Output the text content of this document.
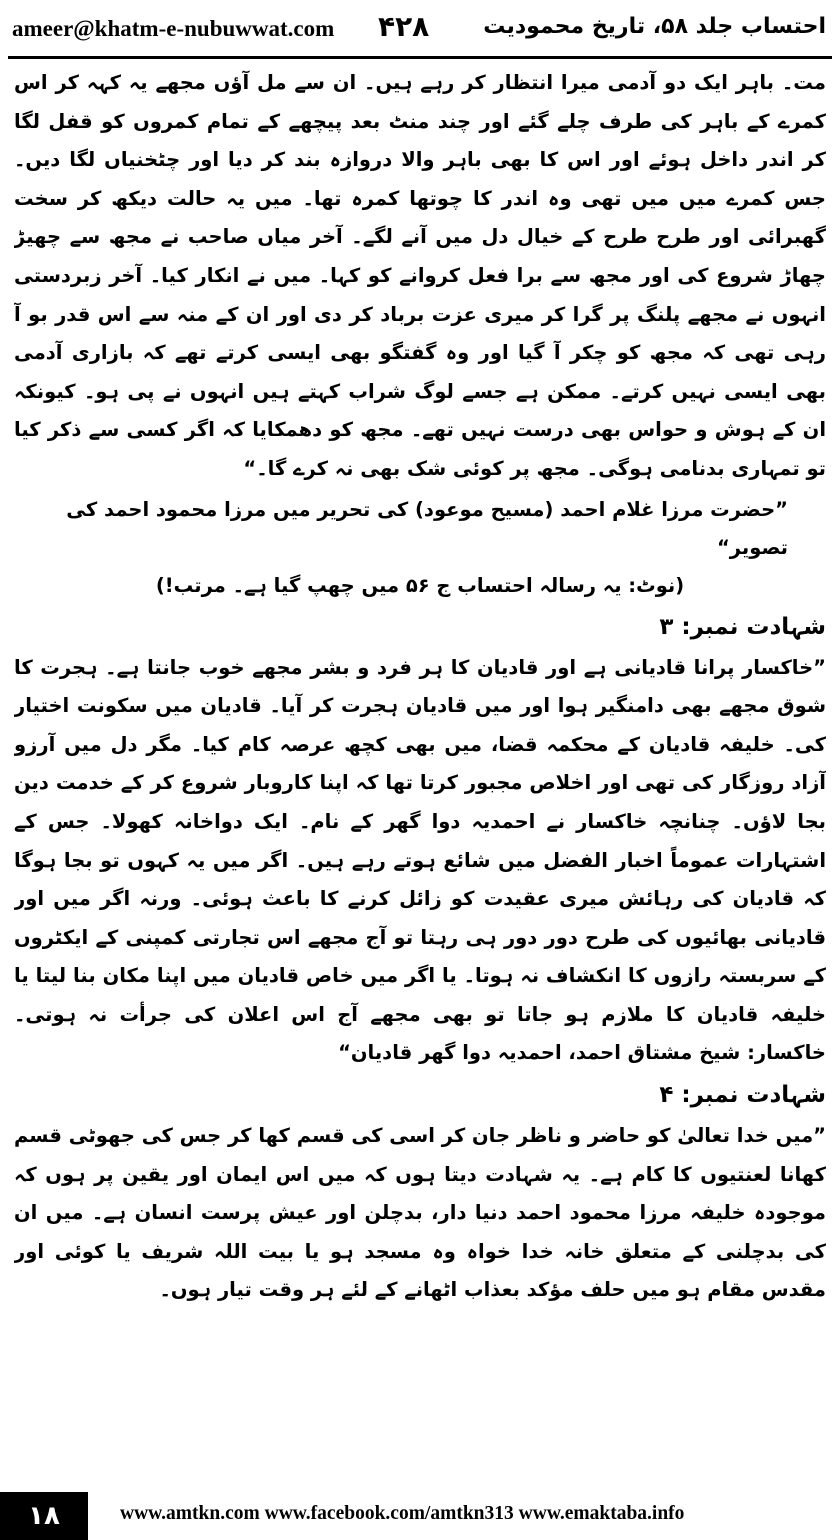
ameer@khatm-e-nubuwwat.com ۴۲۸ احتساب جلد ۵۸، تاریخ محمودیت

مت۔ باہر ایک دو آدمی میرا انتظار کر رہے ہیں۔ ان سے مل آؤں مجھے یہ کہہ کر اس کمرے کے باہر کی طرف چلے گئے اور چند منٹ بعد پیچھے کے تمام کمروں کو قفل لگا کر اندر داخل ہوئے اور اس کا بھی باہر والا دروازہ بند کر دیا اور چٹخنیاں لگا دیں۔ جس کمرے میں میں تھی وہ اندر کا چوتھا کمرہ تھا۔ میں یہ حالت دیکھ کر سخت گھبرائی اور طرح طرح کے خیال دل میں آنے لگے۔ آخر میاں صاحب نے مجھ سے چھیڑ چھاڑ شروع کی اور مجھ سے برا فعل کروانے کو کہا۔ میں نے انکار کیا۔ آخر زبردستی انہوں نے مجھے پلنگ پر گرا کر میری عزت برباد کر دی اور ان کے منہ سے اس قدر بو آ رہی تھی کہ مجھ کو چکر آ گیا اور وہ گفتگو بھی ایسی کرتے تھے کہ بازاری آدمی بھی ایسی نہیں کرتے۔ ممکن ہے جسے لوگ شراب کہتے ہیں انہوں نے پی ہو۔ کیونکہ ان کے ہوش و حواس بھی درست نہیں تھے۔ مجھ کو دھمکایا کہ اگر کسی سے ذکر کیا تو تمہاری بدنامی ہوگی۔ مجھ پر کوئی شک بھی نہ کرے گا۔“

”حضرت مرزا غلام احمد (مسیح موعود) کی تحریر میں مرزا محمود احمد کی تصویر“

(نوٹ: یہ رسالہ احتساب ج ۵۶ میں چھپ گیا ہے۔ مرتب!)

شہادت نمبر: ۳

”خاکسار پرانا قادیانی ہے اور قادیان کا ہر فرد و بشر مجھے خوب جانتا ہے۔ ہجرت کا شوق مجھے بھی دامنگیر ہوا اور میں قادیان ہجرت کر آیا۔ قادیان میں سکونت اختیار کی۔ خلیفہ قادیان کے محکمہ قضا، میں بھی کچھ عرصہ کام کیا۔ مگر دل میں آرزو آزاد روزگار کی تھی اور اخلاص مجبور کرتا تھا کہ اپنا کاروبار شروع کر کے خدمت دین بجا لاؤں۔ چنانچہ خاکسار نے احمدیہ دوا گھر کے نام۔ ایک دواخانہ کھولا۔ جس کے اشتہارات عموماً اخبار الفضل میں شائع ہوتے رہے ہیں۔ اگر میں یہ کہوں تو بجا ہوگا کہ قادیان کی رہائش میری عقیدت کو زائل کرنے کا باعث ہوئی۔ ورنہ اگر میں اور قادیانی بھائیوں کی طرح دور دور ہی رہتا تو آج مجھے اس تجارتی کمپنی کے ایکٹروں کے سربستہ رازوں کا انکشاف نہ ہوتا۔ یا اگر میں خاص قادیان میں اپنا مکان بنا لیتا یا خلیفہ قادیان کا ملازم ہو جاتا تو بھی مجھے آج اس اعلان کی جرأت نہ ہوتی۔ خاکسار: شیخ مشتاق احمد، احمدیہ دوا گھر قادیان“

شہادت نمبر: ۴

”میں خدا تعالیٰ کو حاضر و ناظر جان کر اسی کی قسم کھا کر جس کی جھوٹی قسم کھانا لعنتیوں کا کام ہے۔ یہ شہادت دیتا ہوں کہ میں اس ایمان اور یقین پر ہوں کہ موجودہ خلیفہ مرزا محمود احمد دنیا دار، بدچلن اور عیش پرست انسان ہے۔ میں ان کی بدچلنی کے متعلق خانہ خدا خواہ وہ مسجد ہو یا بیت اللہ شریف یا کوئی اور مقدس مقام ہو میں حلف مؤکد بعذاب اٹھانے کے لئے ہر وقت تیار ہوں۔

۱۸	www.amtkn.com www.facebook.com/amtkn313 www.emaktaba.info
